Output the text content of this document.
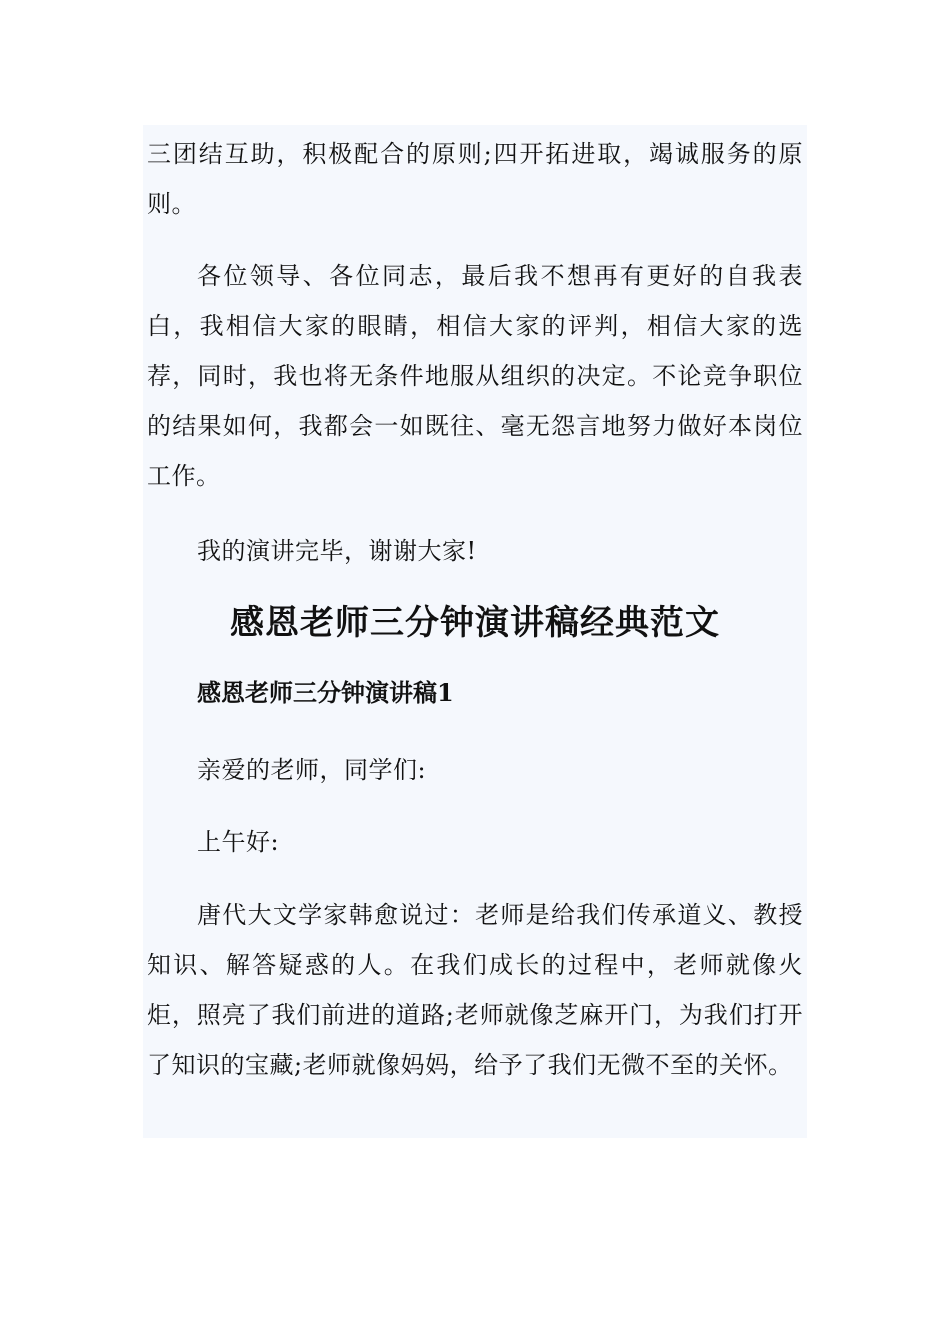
三团结互助，积极配合的原则;四开拓进取，竭诚服务的原则。

各位领导、各位同志，最后我不想再有更好的自我表白，我相信大家的眼睛，相信大家的评判，相信大家的选荐，同时，我也将无条件地服从组织的决定。不论竞争职位的结果如何，我都会一如既往、毫无怨言地努力做好本岗位工作。

我的演讲完毕，谢谢大家!

感恩老师三分钟演讲稿经典范文
感恩老师三分钟演讲稿1

亲爱的老师，同学们:

上午好:

唐代大文学家韩愈说过：老师是给我们传承道义、教授知识、解答疑惑的人。在我们成长的过程中，老师就像火炬，照亮了我们前进的道路;老师就像芝麻开门，为我们打开了知识的宝藏;老师就像妈妈，给予了我们无微不至的关怀。
